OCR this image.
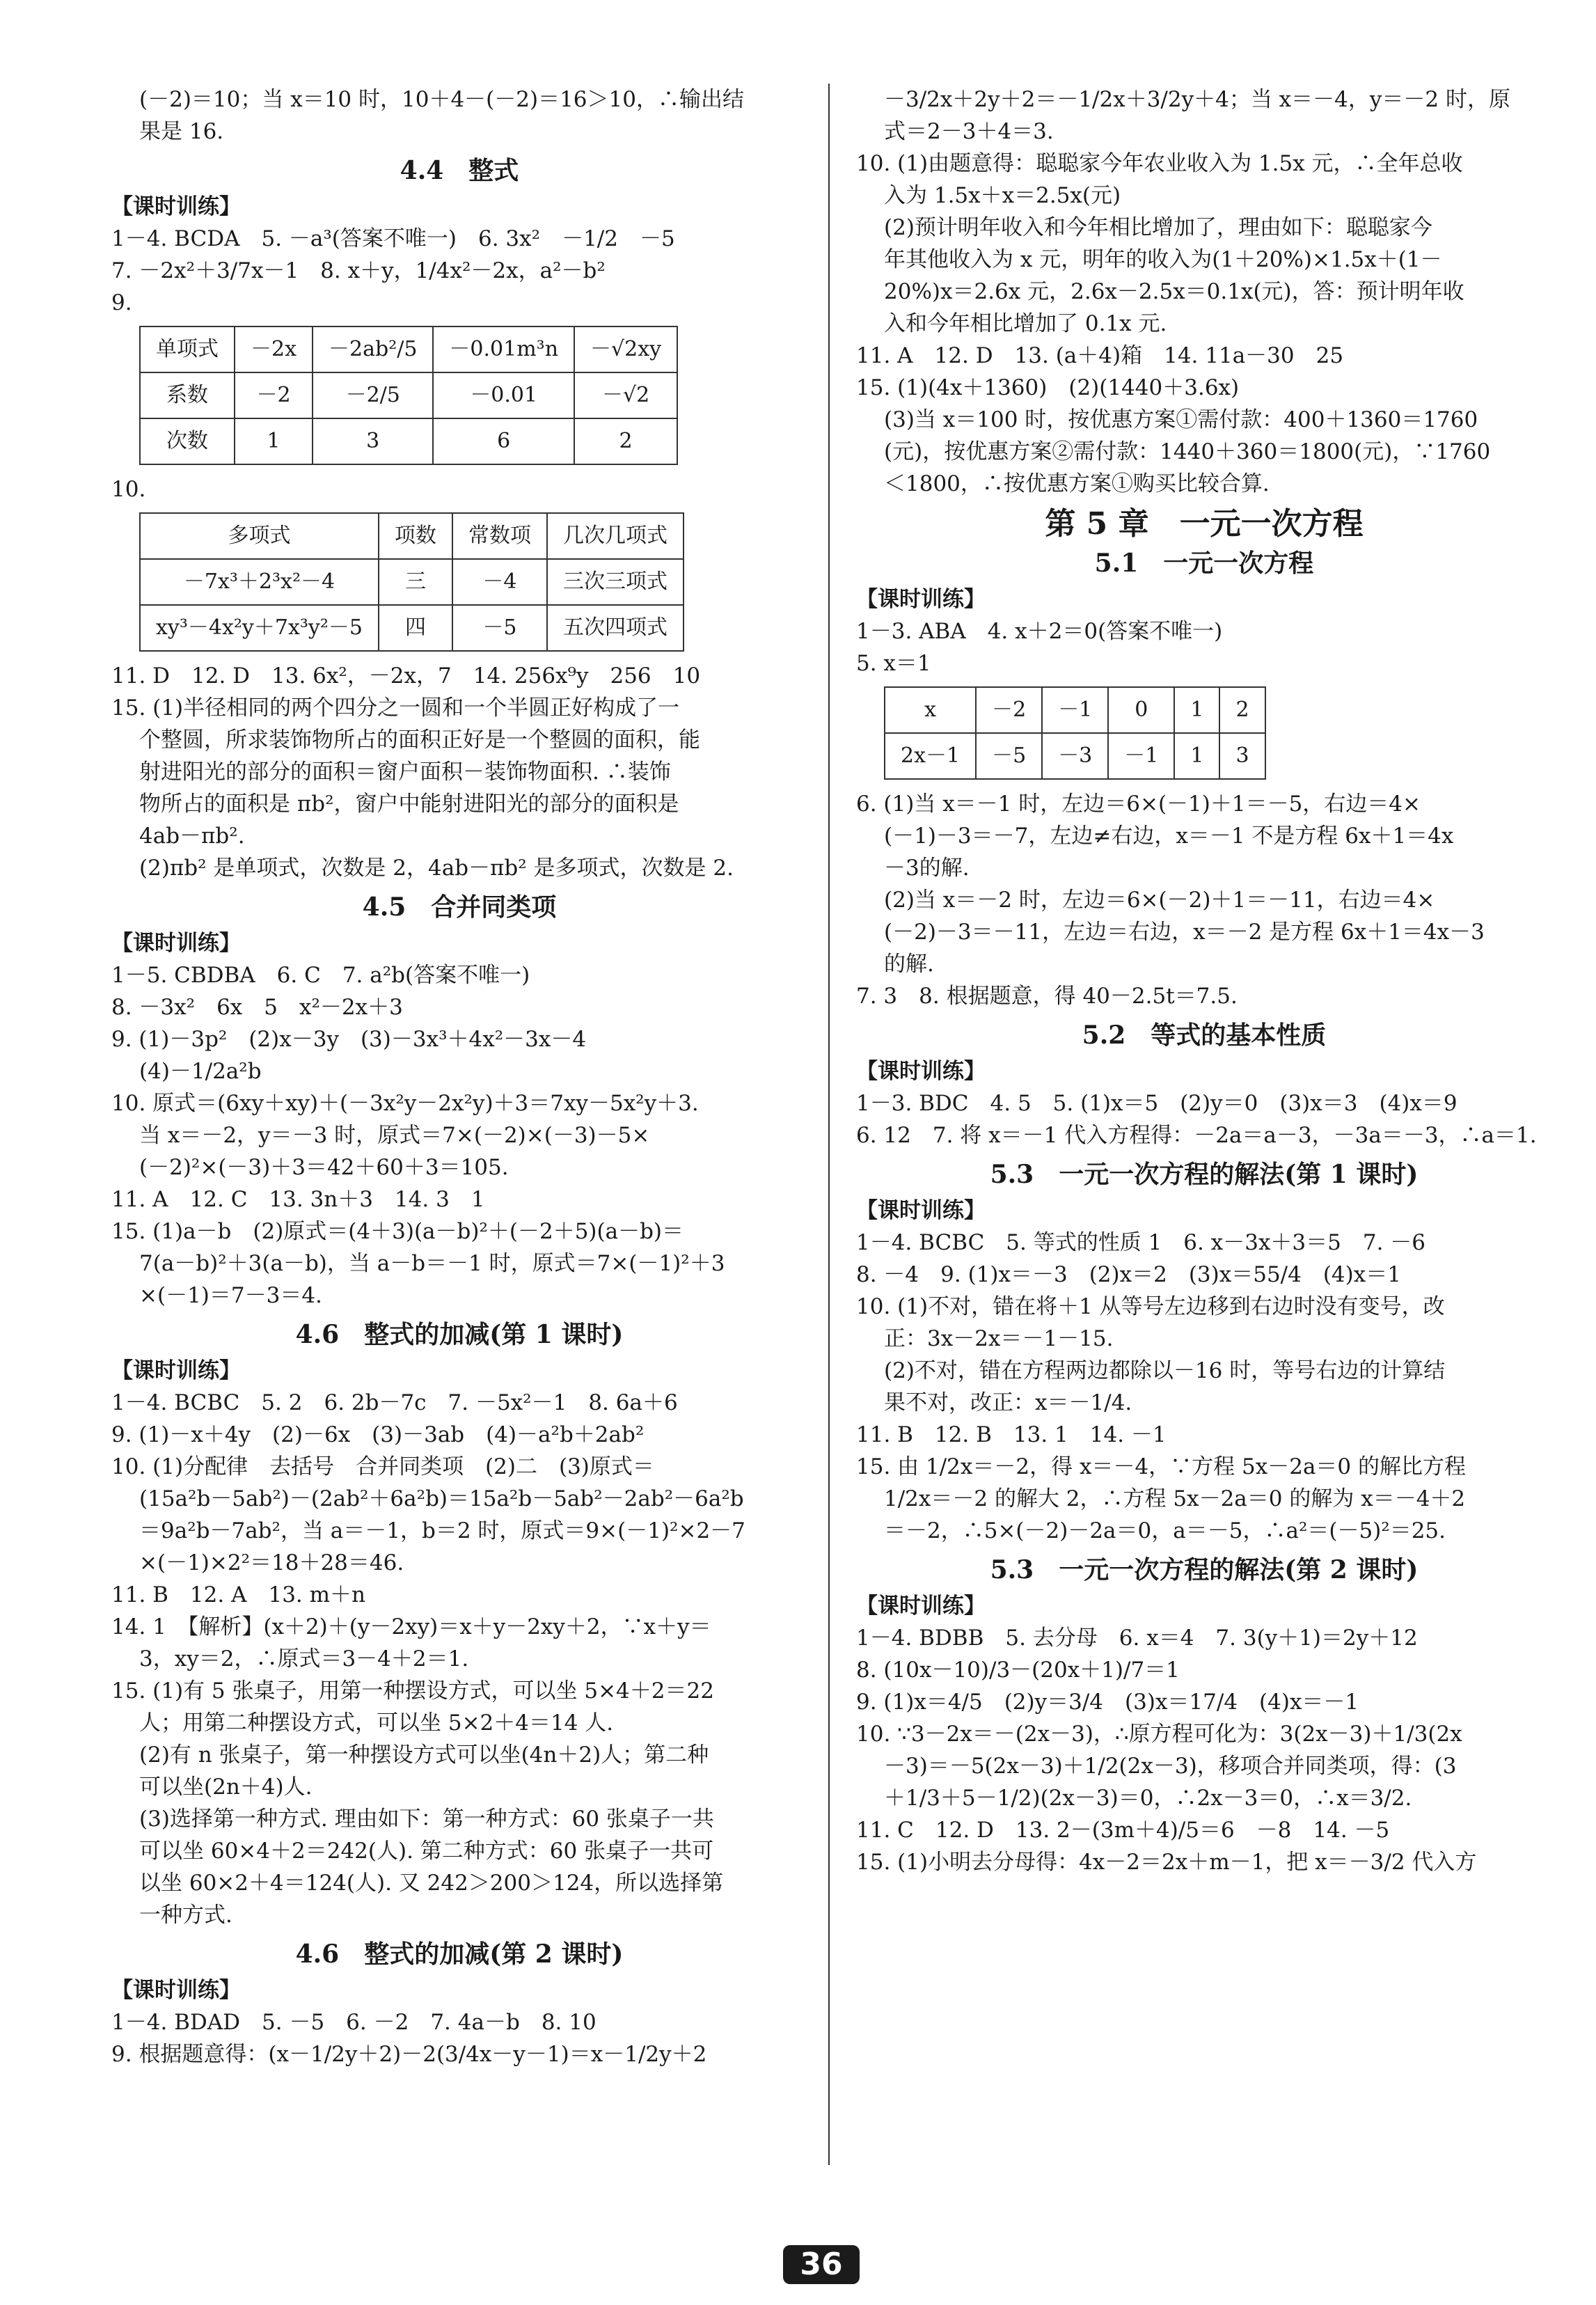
(－2)＝10；当 x＝10 时，10＋4－(－2)＝16＞10，∴输出结
果是 16.
4.4　整式
【课时训练】
1－4. BCDA　5. －a³(答案不唯一)　6. 3x²　－1/2　－5
7. －2x²＋3/7x－1　8. x＋y，1/4x²－2x，a²－b²
9.
单项式	－2x	－2ab²/5	－0.01m³n	－√2xy
系数	－2	－2/5	－0.01	－√2
次数	1	3	6	2
10.
多项式	项数	常数项	几次几项式
－7x³＋2³x²－4	三	－4	三次三项式
xy³－4x²y＋7x³y²－5	四	－5	五次四项式
11. D　12. D　13. 6x²，－2x，7　14. 256x⁹y　256　10
15. (1)半径相同的两个四分之一圆和一个半圆正好构成了一
个整圆，所求装饰物所占的面积正好是一个整圆的面积，能
射进阳光的部分的面积＝窗户面积－装饰物面积. ∴装饰
物所占的面积是 πb²，窗户中能射进阳光的部分的面积是
4ab－πb².
(2)πb² 是单项式，次数是 2，4ab－πb² 是多项式，次数是 2.
4.5　合并同类项
【课时训练】
1－5. CBDBA　6. C　7. a²b(答案不唯一)
8. －3x²　6x　5　x²－2x＋3
9. (1)－3p²　(2)x－3y　(3)－3x³＋4x²－3x－4
(4)－1/2a²b
10. 原式＝(6xy＋xy)＋(－3x²y－2x²y)＋3＝7xy－5x²y＋3.
当 x＝－2，y＝－3 时，原式＝7×(－2)×(－3)－5×
(－2)²×(－3)＋3＝42＋60＋3＝105.
11. A　12. C　13. 3n＋3　14. 3　1
15. (1)a－b　(2)原式＝(4＋3)(a－b)²＋(－2＋5)(a－b)＝
7(a－b)²＋3(a－b)，当 a－b＝－1 时，原式＝7×(－1)²＋3
×(－1)＝7－3＝4.
4.6　整式的加减(第 1 课时)
【课时训练】
1－4. BCBC　5. 2　6. 2b－7c　7. －5x²－1　8. 6a＋6
9. (1)－x＋4y　(2)－6x　(3)－3ab　(4)－a²b＋2ab²
10. (1)分配律　去括号　合并同类项　(2)二　(3)原式＝
(15a²b－5ab²)－(2ab²＋6a²b)＝15a²b－5ab²－2ab²－6a²b
＝9a²b－7ab²，当 a＝－1，b＝2 时，原式＝9×(－1)²×2－7
×(－1)×2²＝18＋28＝46.
11. B　12. A　13. m＋n
14. 1　【解析】(x＋2)＋(y－2xy)＝x＋y－2xy＋2，∵x＋y＝
3，xy＝2，∴原式＝3－4＋2＝1.
15. (1)有 5 张桌子，用第一种摆设方式，可以坐 5×4＋2＝22
人；用第二种摆设方式，可以坐 5×2＋4＝14 人.
(2)有 n 张桌子，第一种摆设方式可以坐(4n＋2)人；第二种
可以坐(2n＋4)人.
(3)选择第一种方式. 理由如下：第一种方式：60 张桌子一共
可以坐 60×4＋2＝242(人). 第二种方式：60 张桌子一共可
以坐 60×2＋4＝124(人). 又 242＞200＞124，所以选择第
一种方式.
4.6　整式的加减(第 2 课时)
【课时训练】
1－4. BDAD　5. －5　6. －2　7. 4a－b　8. 10
9. 根据题意得：(x－1/2y＋2)－2(3/4x－y－1)＝x－1/2y＋2
－3/2x＋2y＋2＝－1/2x＋3/2y＋4；当 x＝－4，y＝－2 时，原
式＝2－3＋4＝3.
10. (1)由题意得：聪聪家今年农业收入为 1.5x 元，∴全年总收
入为 1.5x＋x＝2.5x(元)
(2)预计明年收入和今年相比增加了，理由如下：聪聪家今
年其他收入为 x 元，明年的收入为(1＋20%)×1.5x＋(1－
20%)x＝2.6x 元，2.6x－2.5x＝0.1x(元)，答：预计明年收
入和今年相比增加了 0.1x 元.
11. A　12. D　13. (a＋4)箱　14. 11a－30　25
15. (1)(4x＋1360)　(2)(1440＋3.6x)
(3)当 x＝100 时，按优惠方案①需付款：400＋1360＝1760
(元)，按优惠方案②需付款：1440＋360＝1800(元)，∵1760
＜1800，∴按优惠方案①购买比较合算.
第 5 章　一元一次方程
5.1　一元一次方程
【课时训练】
1－3. ABA　4. x＋2＝0(答案不唯一)
5. x＝1
x	－2	－1	0	1	2
2x－1	－5	－3	－1	1	3
6. (1)当 x＝－1 时，左边＝6×(－1)＋1＝－5，右边＝4×
(－1)－3＝－7，左边≠右边，x＝－1 不是方程 6x＋1＝4x
－3的解.
(2)当 x＝－2 时，左边＝6×(－2)＋1＝－11，右边＝4×
(－2)－3＝－11，左边＝右边，x＝－2 是方程 6x＋1＝4x－3
的解.
7. 3　8. 根据题意，得 40－2.5t＝7.5.
5.2　等式的基本性质
【课时训练】
1－3. BDC　4. 5　5. (1)x＝5　(2)y＝0　(3)x＝3　(4)x＝9
6. 12　7. 将 x＝－1 代入方程得：－2a＝a－3，－3a＝－3，∴a＝1.
5.3　一元一次方程的解法(第 1 课时)
【课时训练】
1－4. BCBC　5. 等式的性质 1　6. x－3x＋3＝5　7. －6
8. －4　9. (1)x＝－3　(2)x＝2　(3)x＝55/4　(4)x＝1
10. (1)不对，错在将＋1 从等号左边移到右边时没有变号，改
正：3x－2x＝－1－15.
(2)不对，错在方程两边都除以－16 时，等号右边的计算结
果不对，改正：x＝－1/4.
11. B　12. B　13. 1　14. －1
15. 由 1/2x＝－2，得 x＝－4，∵方程 5x－2a＝0 的解比方程
1/2x＝－2 的解大 2，∴方程 5x－2a＝0 的解为 x＝－4＋2
＝－2，∴5×(－2)－2a＝0，a＝－5，∴a²＝(－5)²＝25.
5.3　一元一次方程的解法(第 2 课时)
【课时训练】
1－4. BDBB　5. 去分母　6. x＝4　7. 3(y＋1)＝2y＋12
8. (10x－10)/3－(20x＋1)/7＝1
9. (1)x＝4/5　(2)y＝3/4　(3)x＝17/4　(4)x＝－1
10. ∵3－2x＝－(2x－3)，∴原方程可化为：3(2x－3)＋1/3(2x
－3)＝－5(2x－3)＋1/2(2x－3)，移项合并同类项，得：(3
＋1/3＋5－1/2)(2x－3)＝0，∴2x－3＝0，∴x＝3/2.
11. C　12. D　13. 2－(3m＋4)/5＝6　－8　14. －5
15. (1)小明去分母得：4x－2＝2x＋m－1，把 x＝－3/2 代入方
36
